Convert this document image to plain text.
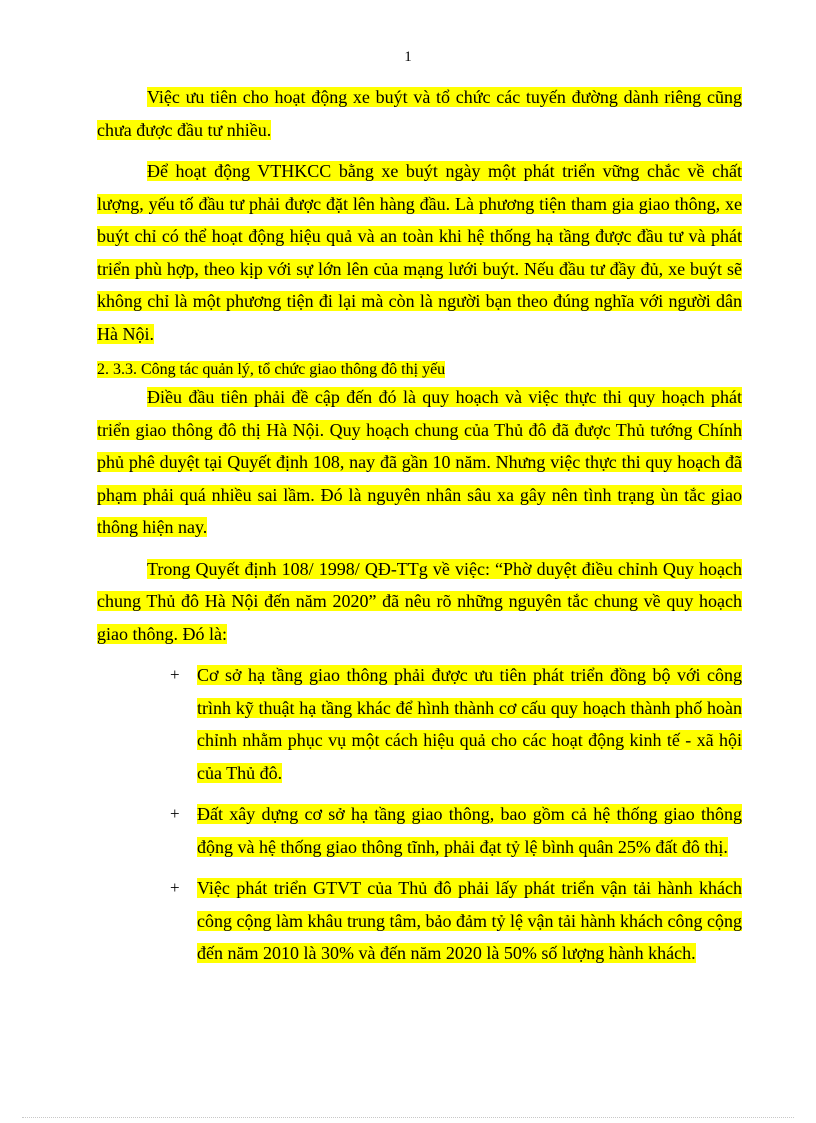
1

Việc ưu tiên cho hoạt động xe buýt và tổ chức các tuyến đường dành riêng cũng chưa được đầu tư nhiều.

Để hoạt động VTHKCC bằng xe buýt ngày một phát triển vững chắc về chất lượng, yếu tố đầu tư phải được đặt lên hàng đầu. Là phương tiện tham gia giao thông, xe buýt chỉ có thể hoạt động hiệu quả và an toàn khi hệ thống hạ tầng được đầu tư và phát triển phù hợp, theo kịp với sự lớn lên của mạng lưới buýt. Nếu đầu tư đầy đủ, xe buýt sẽ không chỉ là một phương tiện đi lại mà còn là người bạn theo đúng nghĩa với người dân Hà Nội.

2. 3.3. Công tác quản lý, tổ chức giao thông đô thị yếu

Điều đầu tiên phải đề cập đến đó là quy hoạch và việc thực thi quy hoạch phát triển giao thông đô thị Hà Nội. Quy hoạch chung của Thủ đô đã được Thủ tướng Chính phủ phê duyệt tại Quyết định 108, nay đã gần 10 năm. Nhưng việc thực thi quy hoạch đã phạm phải quá nhiều sai lầm. Đó là nguyên nhân sâu xa gây nên tình trạng ùn tắc giao thông hiện nay.

Trong Quyết định 108/ 1998/ QĐ-TTg về việc: “Phờ duyệt điều chỉnh Quy hoạch chung Thủ đô Hà Nội đến năm 2020” đã nêu rõ những nguyên tắc chung về quy hoạch giao thông. Đó là:

+ Cơ sở hạ tầng giao thông phải được ưu tiên phát triển đồng bộ với công trình kỹ thuật hạ tầng khác để hình thành cơ cấu quy hoạch thành phố hoàn chỉnh nhằm phục vụ một cách hiệu quả cho các hoạt động kinh tế - xã hội của Thủ đô.
+ Đất xây dựng cơ sở hạ tầng giao thông, bao gồm cả hệ thống giao thông động và hệ thống giao thông tĩnh, phải đạt tỷ lệ bình quân 25% đất đô thị.
+ Việc phát triển GTVT của Thủ đô phải lấy phát triển vận tải hành khách công cộng làm khâu trung tâm, bảo đảm tỷ lệ vận tải hành khách công cộng đến năm 2010 là 30% và đến năm 2020 là 50% số lượng hành khách.
